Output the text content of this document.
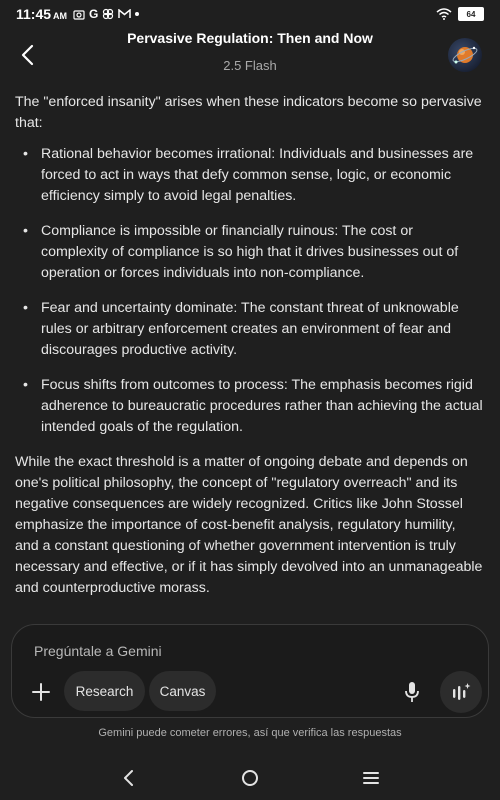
11:45 AM G	64
Pervasive Regulation: Then and Now
2.5 Flash

The "enforced insanity" arises when these indicators become so pervasive that:

• Rational behavior becomes irrational: Individuals and businesses are forced to act in ways that defy common sense, logic, or economic efficiency simply to avoid legal penalties.
• Compliance is impossible or financially ruinous: The cost or complexity of compliance is so high that it drives businesses out of operation or forces individuals into non-compliance.
• Fear and uncertainty dominate: The constant threat of unknowable rules or arbitrary enforcement creates an environment of fear and discourages productive activity.
• Focus shifts from outcomes to process: The emphasis becomes rigid adherence to bureaucratic procedures rather than achieving the actual intended goals of the regulation.

While the exact threshold is a matter of ongoing debate and depends on one's political philosophy, the concept of "regulatory overreach" and its negative consequences are widely recognized. Critics like John Stossel emphasize the importance of cost-benefit analysis, regulatory humility, and a constant questioning of whether government intervention is truly necessary and effective, or if it has simply devolved into an unmanageable and counterproductive morass.

Pregúntale a Gemini
Research	Canvas
Gemini puede cometer errores, así que verifica las respuestas
